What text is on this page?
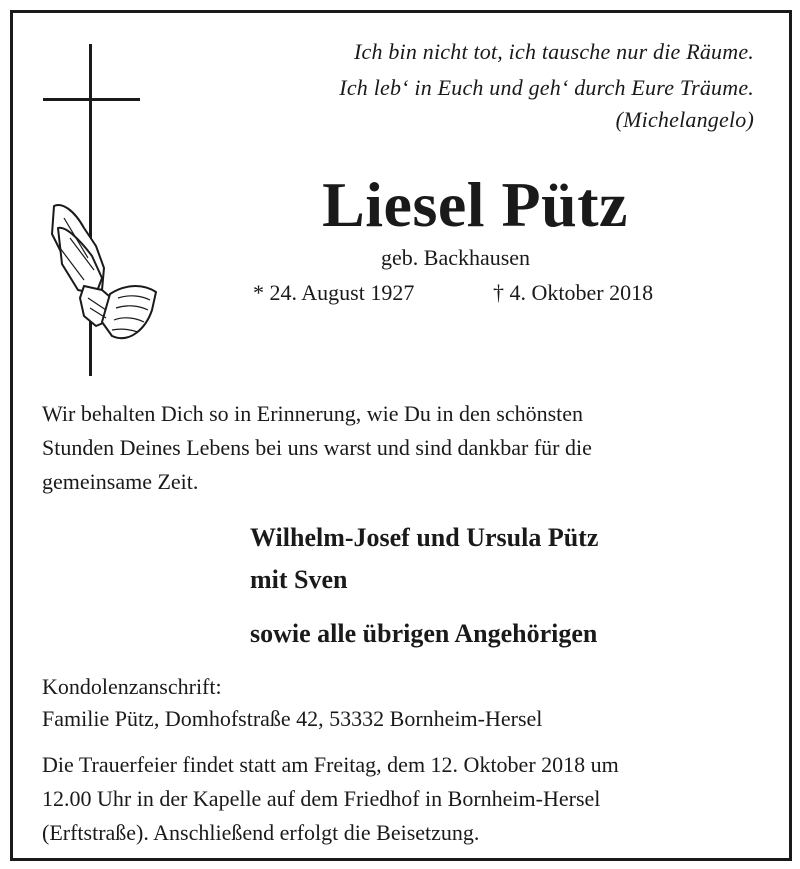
Ich bin nicht tot, ich tausche nur die Räume.
Ich leb‘ in Euch und geh‘ durch Eure Träume.
(Michelangelo)
Liesel Pütz
geb. Backhausen
* 24. August 1927	† 4. Oktober 2018
Wir behalten Dich so in Erinnerung, wie Du in den schönsten
Stunden Deines Lebens bei uns warst und sind dankbar für die
gemeinsame Zeit.
Wilhelm-Josef und Ursula Pütz
mit Sven
sowie alle übrigen Angehörigen
Kondolenzanschrift:
Familie Pütz, Domhofstraße 42, 53332 Bornheim-Hersel
Die Trauerfeier findet statt am Freitag, dem 12. Oktober 2018 um
12.00 Uhr in der Kapelle auf dem Friedhof in Bornheim-Hersel
(Erftstraße). Anschließend erfolgt die Beisetzung.
